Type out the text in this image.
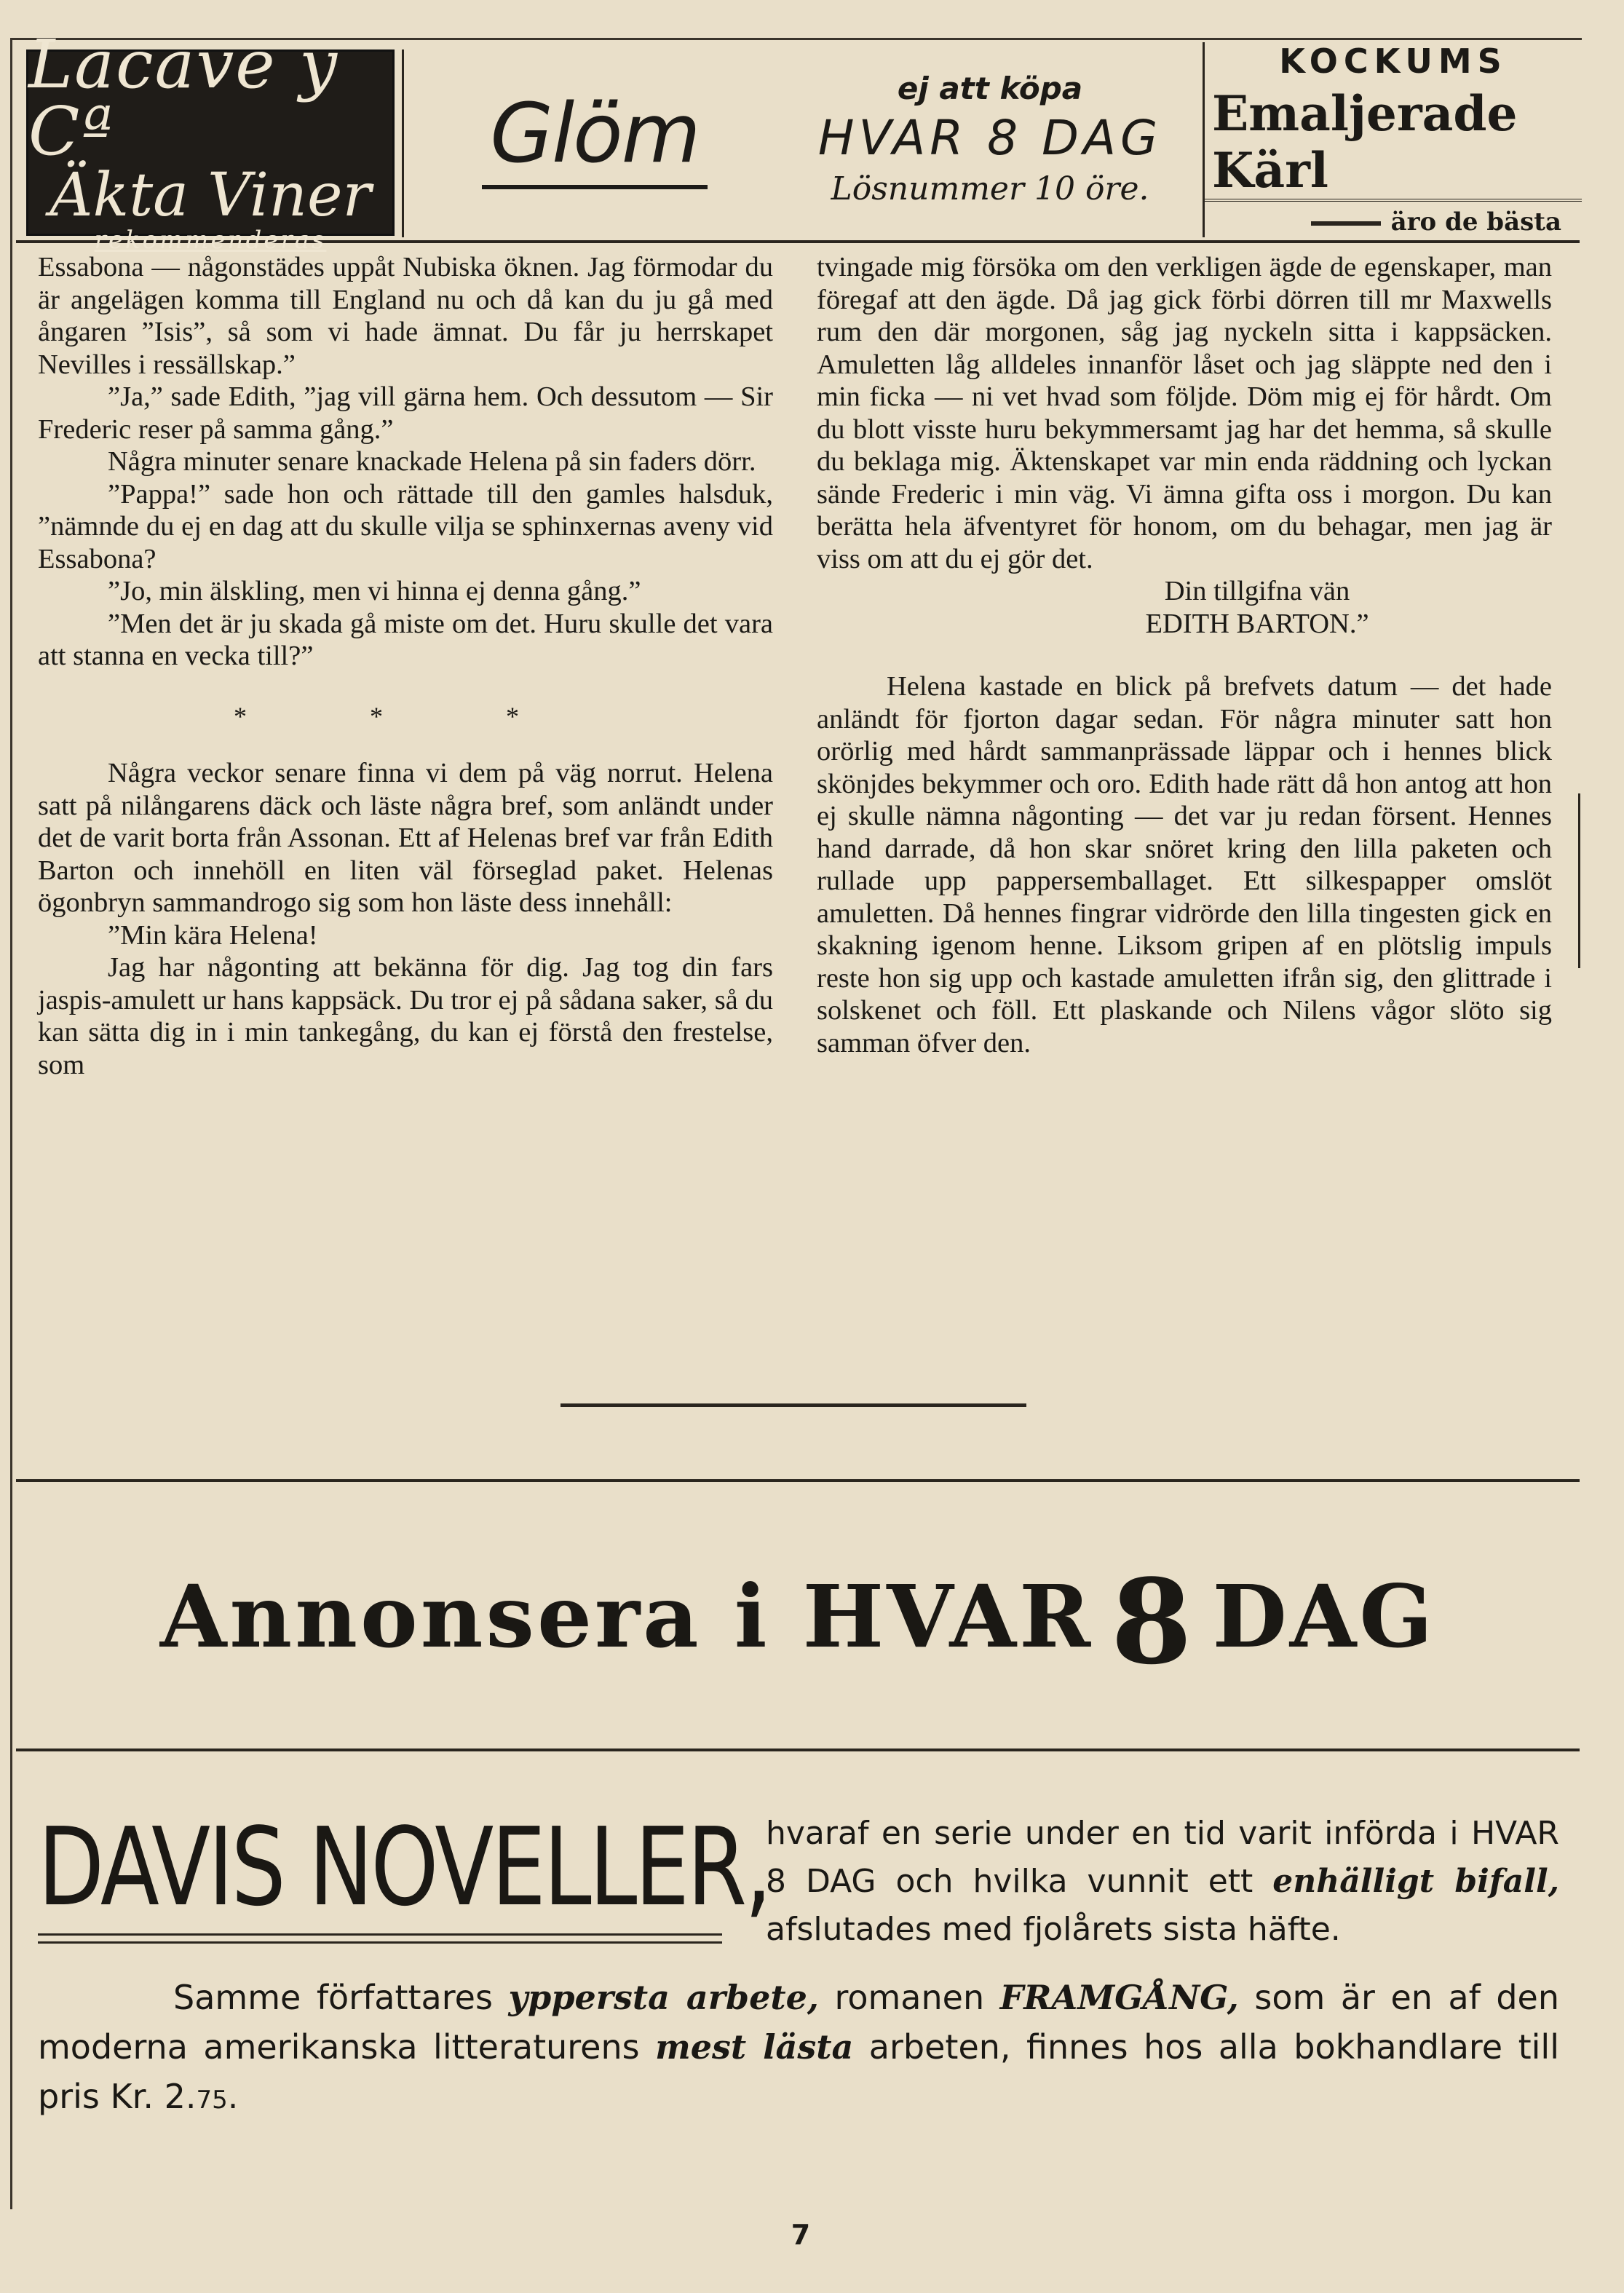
Lacave y Cª
Äkta Viner
rekommenderas
Glöm	ej att köpa
HVAR 8 DAG
Lösnummer 10 öre.
KOCKUMS
Emaljerade Kärl
äro de bästa

Essabona — någonstädes uppåt Nubiska öknen. Jag förmodar du är angelägen komma till England nu och då kan du ju gå med ångaren ”Isis”, så som vi hade ämnat. Du får ju herrskapet Nevilles i ressällskap.”

”Ja,” sade Edith, ”jag vill gärna hem. Och dessutom — Sir Frederic reser på samma gång.”

Några minuter senare knackade Helena på sin faders dörr.

”Pappa!” sade hon och rättade till den gamles halsduk, ”nämnde du ej en dag att du skulle vilja se sphinxernas aveny vid Essabona?

”Jo, min älskling, men vi hinna ej denna gång.”

”Men det är ju skada gå miste om det. Huru skulle det vara att stanna en vecka till?”

* * *

Några veckor senare finna vi dem på väg norrut. Helena satt på nilångarens däck och läste några bref, som anländt under det de varit borta från Assonan. Ett af Helenas bref var från Edith Barton och innehöll en liten väl förseglad paket. Helenas ögonbryn sammandrogo sig som hon läste dess innehåll:

”Min kära Helena!

Jag har någonting att bekänna för dig. Jag tog din fars jaspis-amulett ur hans kappsäck. Du tror ej på sådana saker, så du kan sätta dig in i min tankegång, du kan ej förstå den frestelse, som

tvingade mig försöka om den verkligen ägde de egenskaper, man föregaf att den ägde. Då jag gick förbi dörren till mr Maxwells rum den där morgonen, såg jag nyckeln sitta i kappsäcken. Amuletten låg alldeles innanför låset och jag släppte ned den i min ficka — ni vet hvad som följde. Döm mig ej för hårdt. Om du blott visste huru bekymmersamt jag har det hemma, så skulle du beklaga mig. Äktenskapet var min enda räddning och lyckan sände Frederic i min väg. Vi ämna gifta oss i morgon. Du kan berätta hela äfventyret för honom, om du behagar, men jag är viss om att du ej gör det.

Din tillgifna vän

EDITH BARTON.”

Helena kastade en blick på brefvets datum — det hade anländt för fjorton dagar sedan. För några minuter satt hon orörlig med hårdt sammanprässade läppar och i hennes blick skönjdes bekymmer och oro. Edith hade rätt då hon antog att hon ej skulle nämna någonting — det var ju redan försent. Hennes hand darrade, då hon skar snöret kring den lilla paketen och rullade upp pappersemballaget. Ett silkespapper omslöt amuletten. Då hennes fingrar vidrörde den lilla tingesten gick en skakning igenom henne. Liksom gripen af en plötslig impuls reste hon sig upp och kastade amuletten ifrån sig, den glittrade i solskenet och föll. Ett plaskande och Nilens vågor slöto sig samman öfver den.

Annonsera i HVAR 8 DAG
DAVIS NOVELLER,
hvaraf en serie under en tid varit införda i HVAR 8 DAG och hvilka vunnit ett enhälligt bifall, afslutades med fjolårets sista häfte.
Samme författares yppersta arbete, romanen FRAMGÅNG, som är en af den moderna amerikanska litteraturens mest lästa arbeten, finnes hos alla bokhandlare till pris Kr. 2.75.
7
